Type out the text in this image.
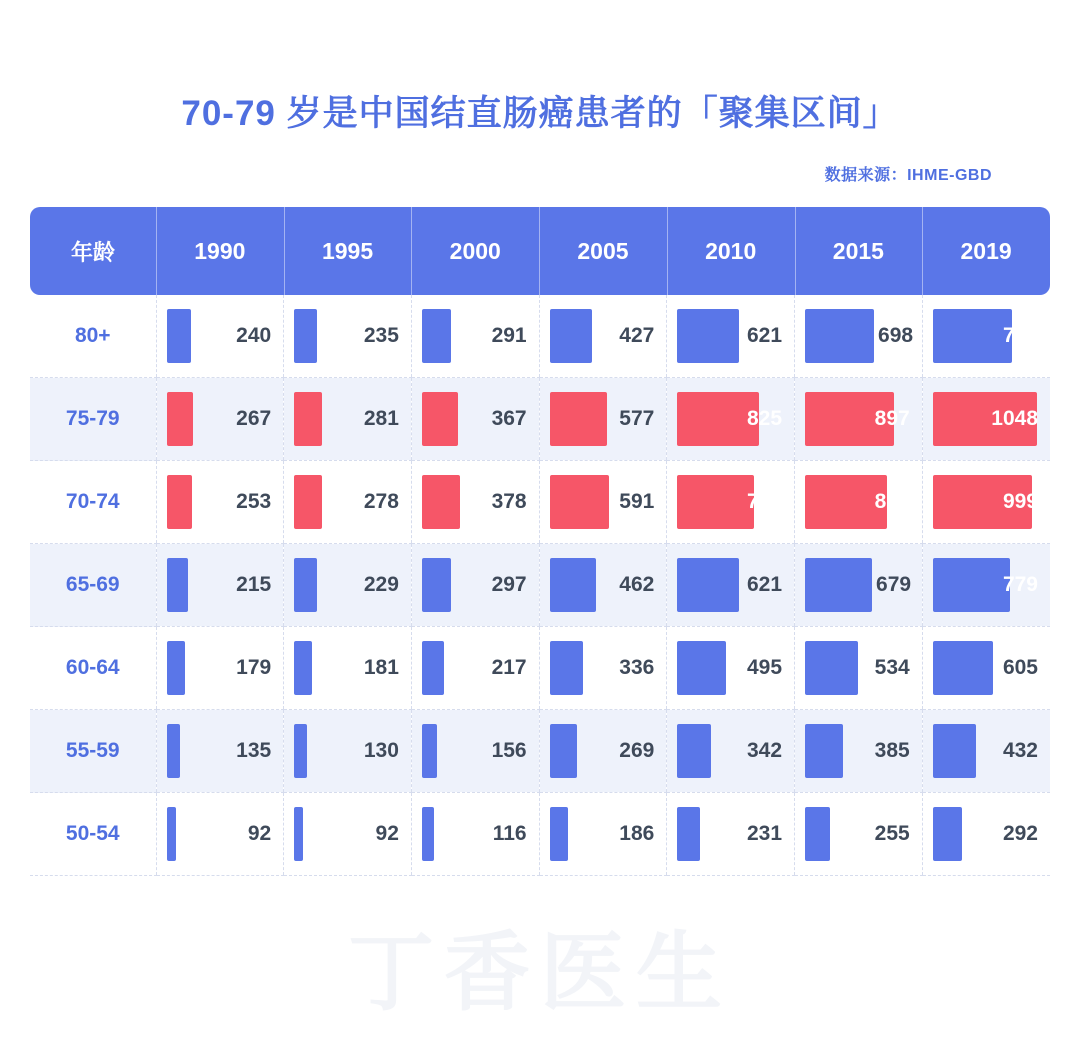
丁香医生
70-79 岁是中国结直肠癌患者的「聚集区间」
数据来源：IHME-GBD
年龄	1990	1995	2000	2005	2010	2015	2019
80+	240	235	291	427	621	698	799

75-79	267	281	367	577	825	897	1048

70-74	253	278	378	591	771	827	999

65-69	215	229	297	462	621	679	779

60-64	179	181	217	336	495	534	605

55-59	135	130	156	269	342	385	432

50-54	92	92	116	186	231	255	292
